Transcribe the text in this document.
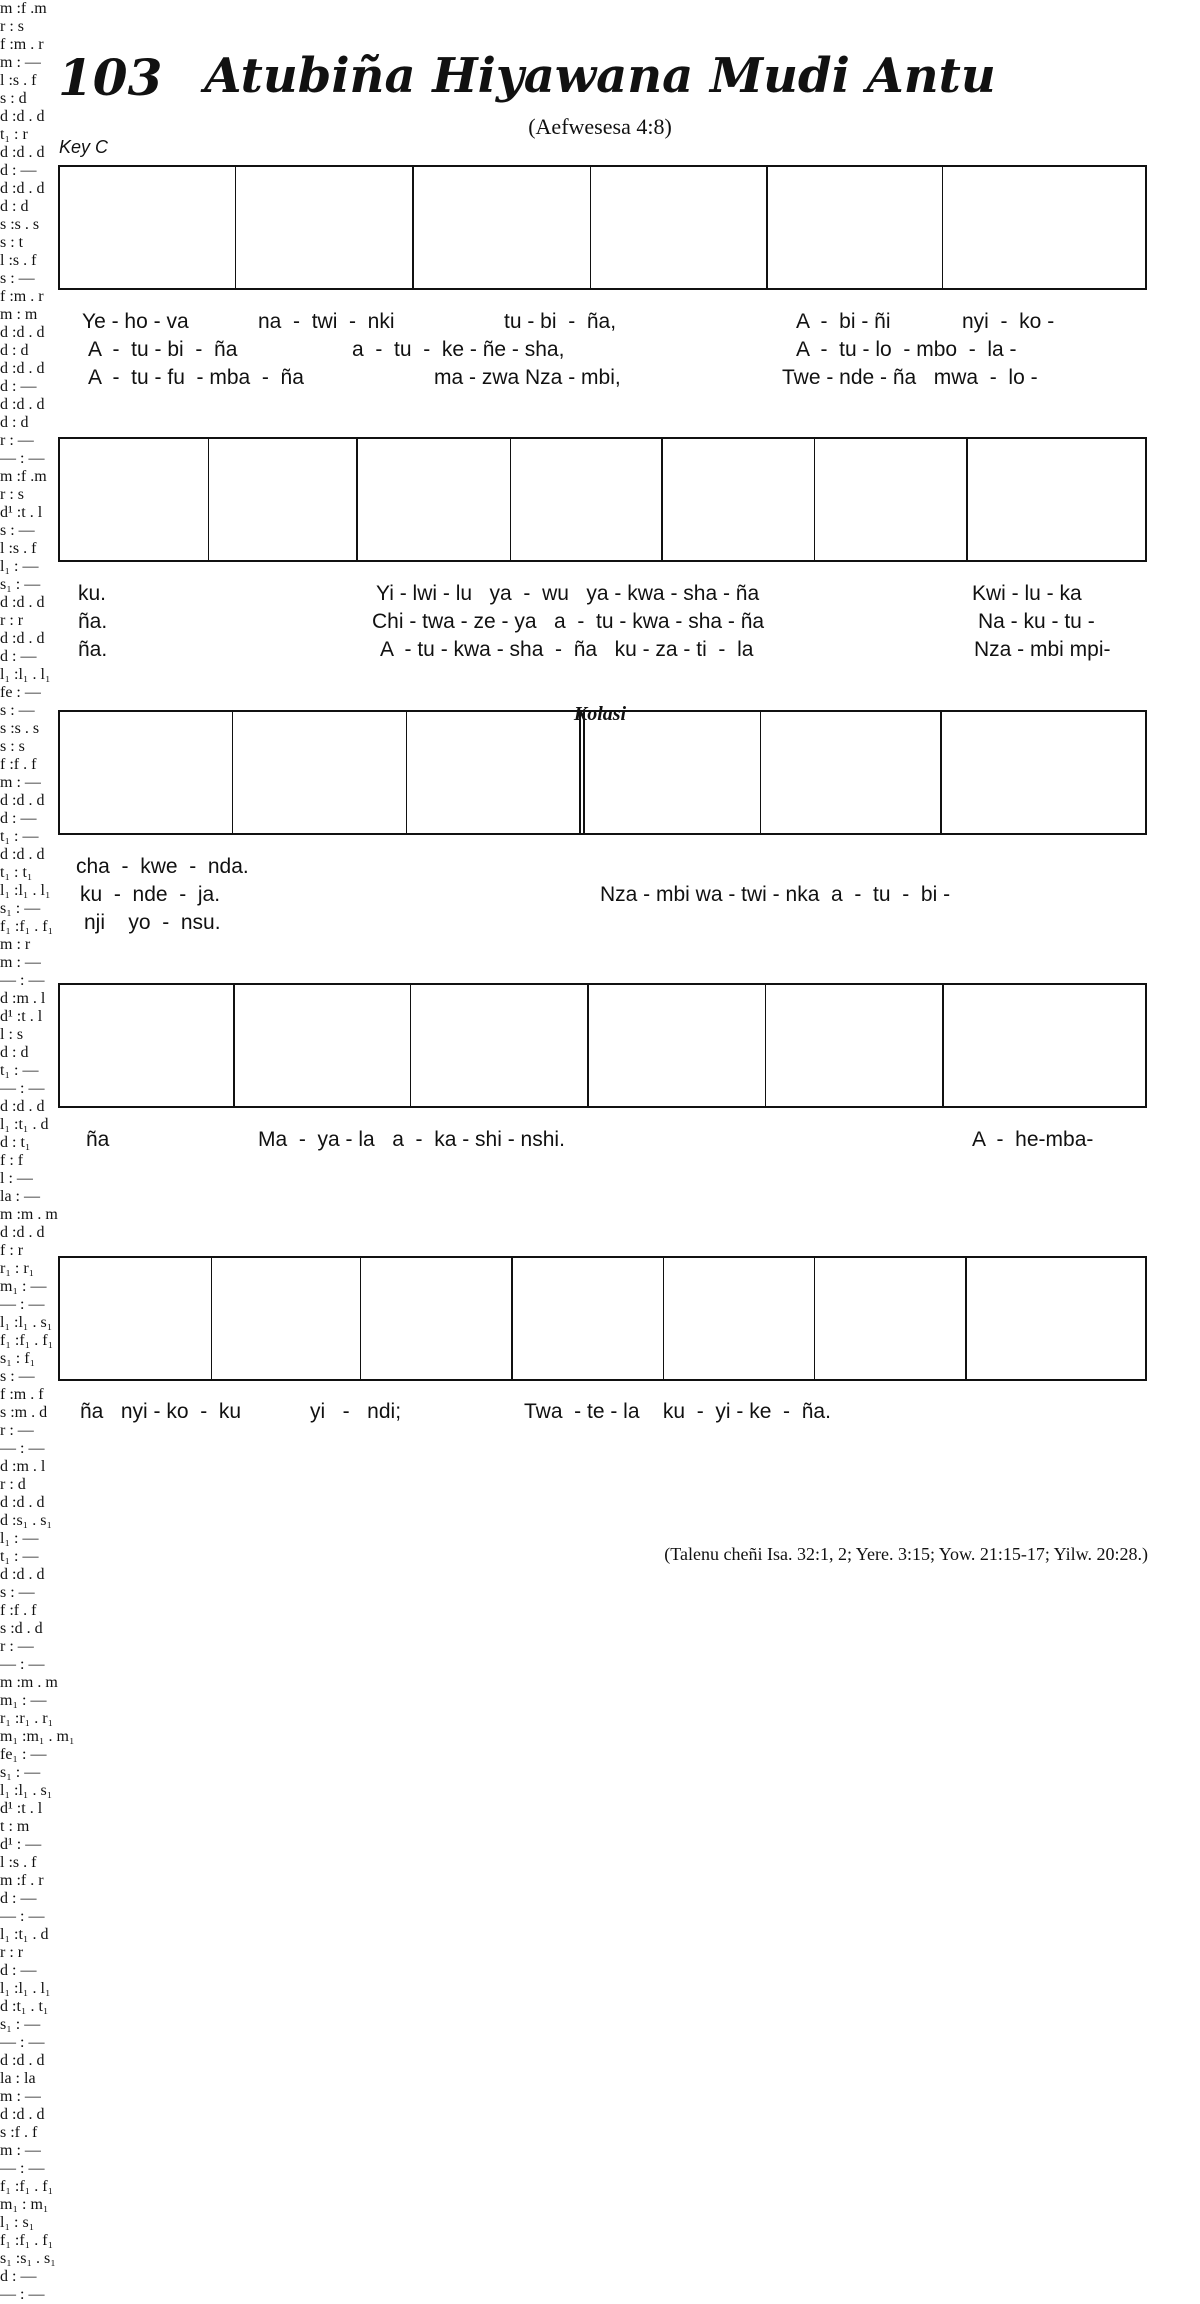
103 Atubiña Hiyawana Mudi Antu
(Aefwesesa 4:8)
Key C
m :f .m
r : s
f :m . r
m : —
l :s . f
s : d
d :d . d
t₁ : r
d :d . d
d : —
d :d . d
d : d
s :s . s
s : t
l :s . f
s : —
f :m . r
m : m
d :d . d
d : d
d :d . d
d : —
d :d . d
d : d
r : —
— : —
m :f .m
r : s
d¹ :t . l
s : —
l :s . f
l₁ : —
s₁ : —
d :d . d
r : r
d :d . d
d : —
l₁ :l₁ . l₁
fe : —
s : —
s :s . s
s : s
f :f . f
m : —
d :d . d
d : —
t₁ : —
d :d . d
t₁ : t₁
l₁ :l₁ . l₁
s₁ : —
f₁ :f₁ . f₁
Kolasi
m : r
m : —
— : —
d :m . l
d¹ :t . l
l : s
d : d
t₁ : —
— : —
d :d . d
l₁ :t₁ . d
d : t₁
f : f
l : —
la : —
m :m . m
d :d . d
f : r
r₁ : r₁
m₁ : —
— : —
l₁ :l₁ . s₁
f₁ :f₁ . f₁
s₁ : f₁
s : —
f :m . f
s :m . d
r : —
— : —
d :m . l
r : d
d :d . d
d :s₁ . s₁
l₁ : —
t₁ : —
d :d . d
s : —
f :f . f
s :d . d
r : —
— : —
m :m . m
m₁ : —
r₁ :r₁ . r₁
m₁ :m₁ . m₁
fe₁ : —
s₁ : —
l₁ :l₁ . s₁
d¹ :t . l
t : m
d¹ : —
l :s . f
m :f . r
d : —
— : —
l₁ :t₁ . d
r : r
d : —
l₁ :l₁ . l₁
d :t₁ . t₁
s₁ : —
— : —
d :d . d
la : la
m : —
d :d . d
s :f . f
m : —
— : —
f₁ :f₁ . f₁
m₁ : m₁
l₁ : s₁
f₁ :f₁ . f₁
s₁ :s₁ . s₁
d : —
— : —
Ye - ho - va	na  -  twi  -  nki	tu - bi  -  ña,	A  -  bi - ñi	nyi  -  ko -
A  -  tu - bi  -  ña	a  -  tu  -  ke - ñe - sha,	A  -  tu - lo  - mbo  -  la -
A  -  tu - fu  - mba  -  ña	ma - zwa Nza - mbi,	Twe - nde - ña   mwa  -  lo -
ku.	Yi - lwi - lu   ya  -  wu   ya - kwa - sha - ña	Kwi - lu - ka
ña.	Chi - twa - ze - ya   a  -  tu - kwa - sha - ña	Na - ku - tu -
ña.	A  - tu - kwa - sha  -  ña   ku - za - ti  -  la	Nza - mbi mpi-
cha  -  kwe  -  nda.
ku  -  nde  -  ja.	Nza - mbi wa - twi - nka  a  -  tu  -  bi -
nji    yo  -  nsu.
ña	Ma  -  ya - la   a  -  ka - shi - nshi.	A  -  he-mba-
ña   nyi - ko  -  ku	yi   -   ndi;	Twa  - te - la    ku  -  yi - ke  -  ña.
(Talenu cheñi Isa. 32:1, 2; Yere. 3:15; Yow. 21:15-17; Yilw. 20:28.)
